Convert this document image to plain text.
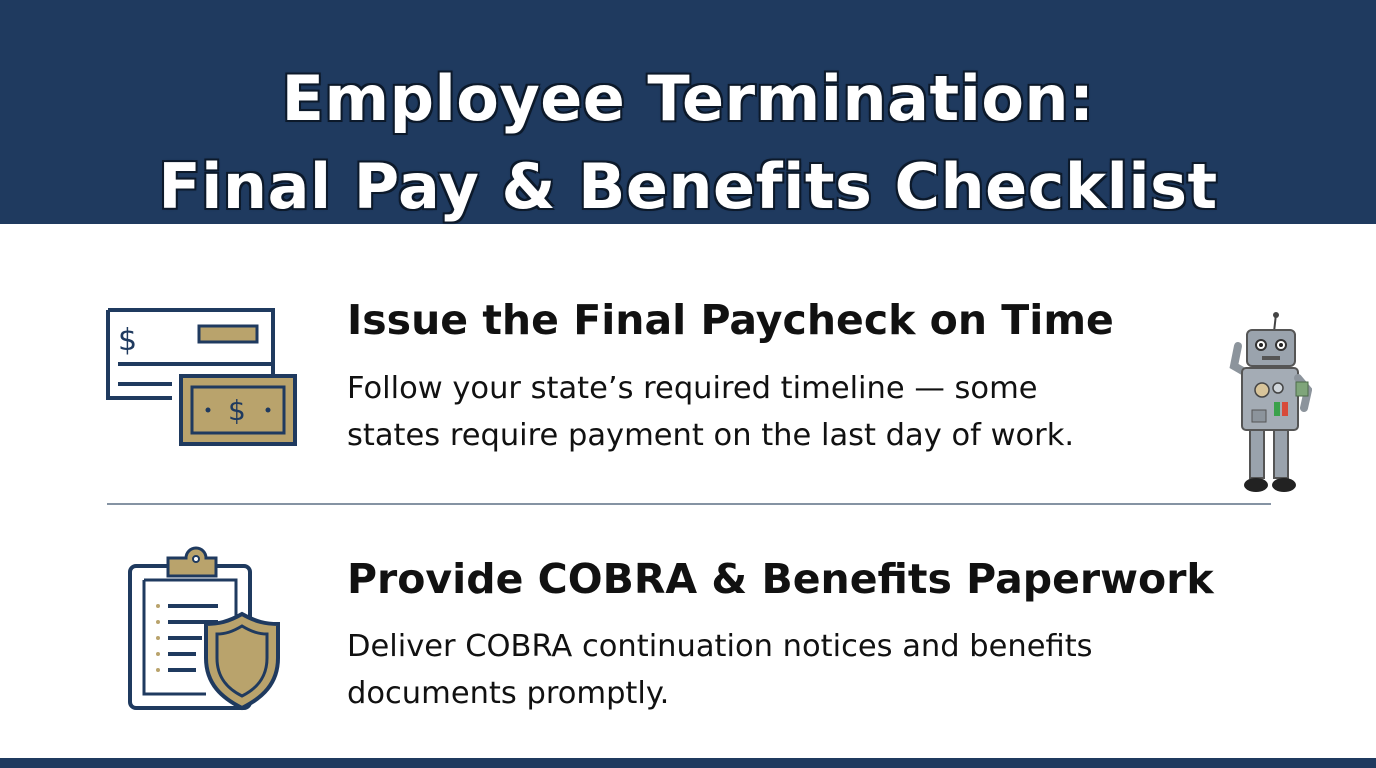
Employee Termination:
Final Pay & Benefits Checklist
$
$
Issue the Final Paycheck on Time
Follow your state’s required timeline — some
states require payment on the last day of work.
Provide COBRA & Benefits Paperwork
Deliver COBRA continuation notices and benefits
documents promptly.
